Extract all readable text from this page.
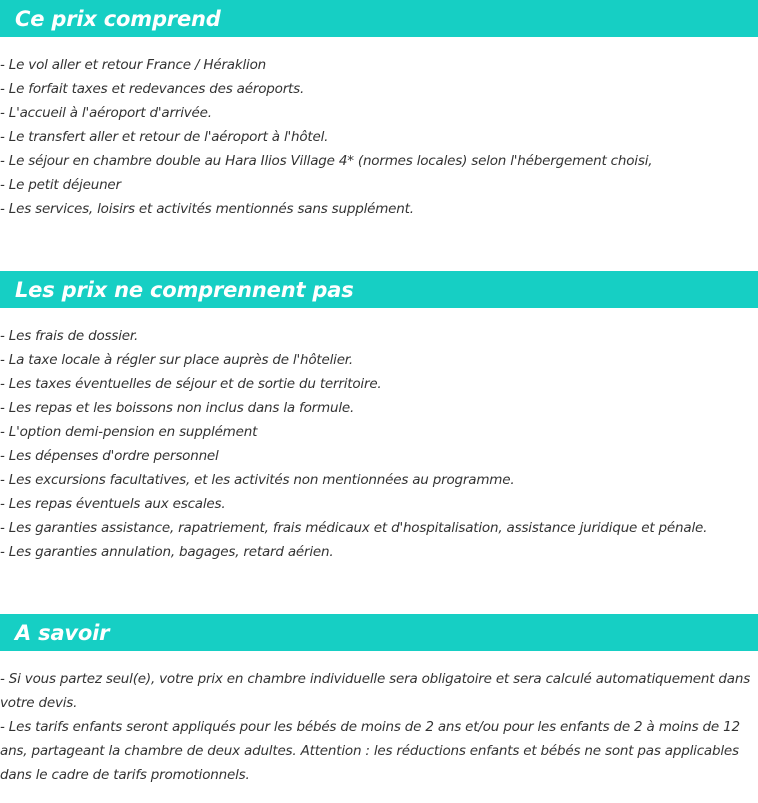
Ce prix comprend
- Le vol aller et retour France / Héraklion
- Le forfait taxes et redevances des aéroports.
- L'accueil à l'aéroport d'arrivée.
- Le transfert aller et retour de l'aéroport à l'hôtel.
- Le séjour en chambre double au Hara Ilios Village 4* (normes locales) selon l'hébergement choisi,
- Le petit déjeuner
- Les services, loisirs et activités mentionnés sans supplément.
Les prix ne comprennent pas
- Les frais de dossier.
- La taxe locale à régler sur place auprès de l'hôtelier.
- Les taxes éventuelles de séjour et de sortie du territoire.
- Les repas et les boissons non inclus dans la formule.
- L'option demi-pension en supplément
- Les dépenses d'ordre personnel
- Les excursions facultatives, et les activités non mentionnées au programme.
- Les repas éventuels aux escales.
- Les garanties assistance, rapatriement, frais médicaux et d'hospitalisation, assistance juridique et pénale.
- Les garanties annulation, bagages, retard aérien.
A savoir

- Si vous partez seul(e), votre prix en chambre individuelle sera obligatoire et sera calculé automatiquement dans votre devis.

- Les tarifs enfants seront appliqués pour les bébés de moins de 2 ans et/ou pour les enfants de 2 à moins de 12 ans, partageant la chambre de deux adultes. Attention : les réductions enfants et bébés ne sont pas applicables dans le cadre de tarifs promotionnels.
